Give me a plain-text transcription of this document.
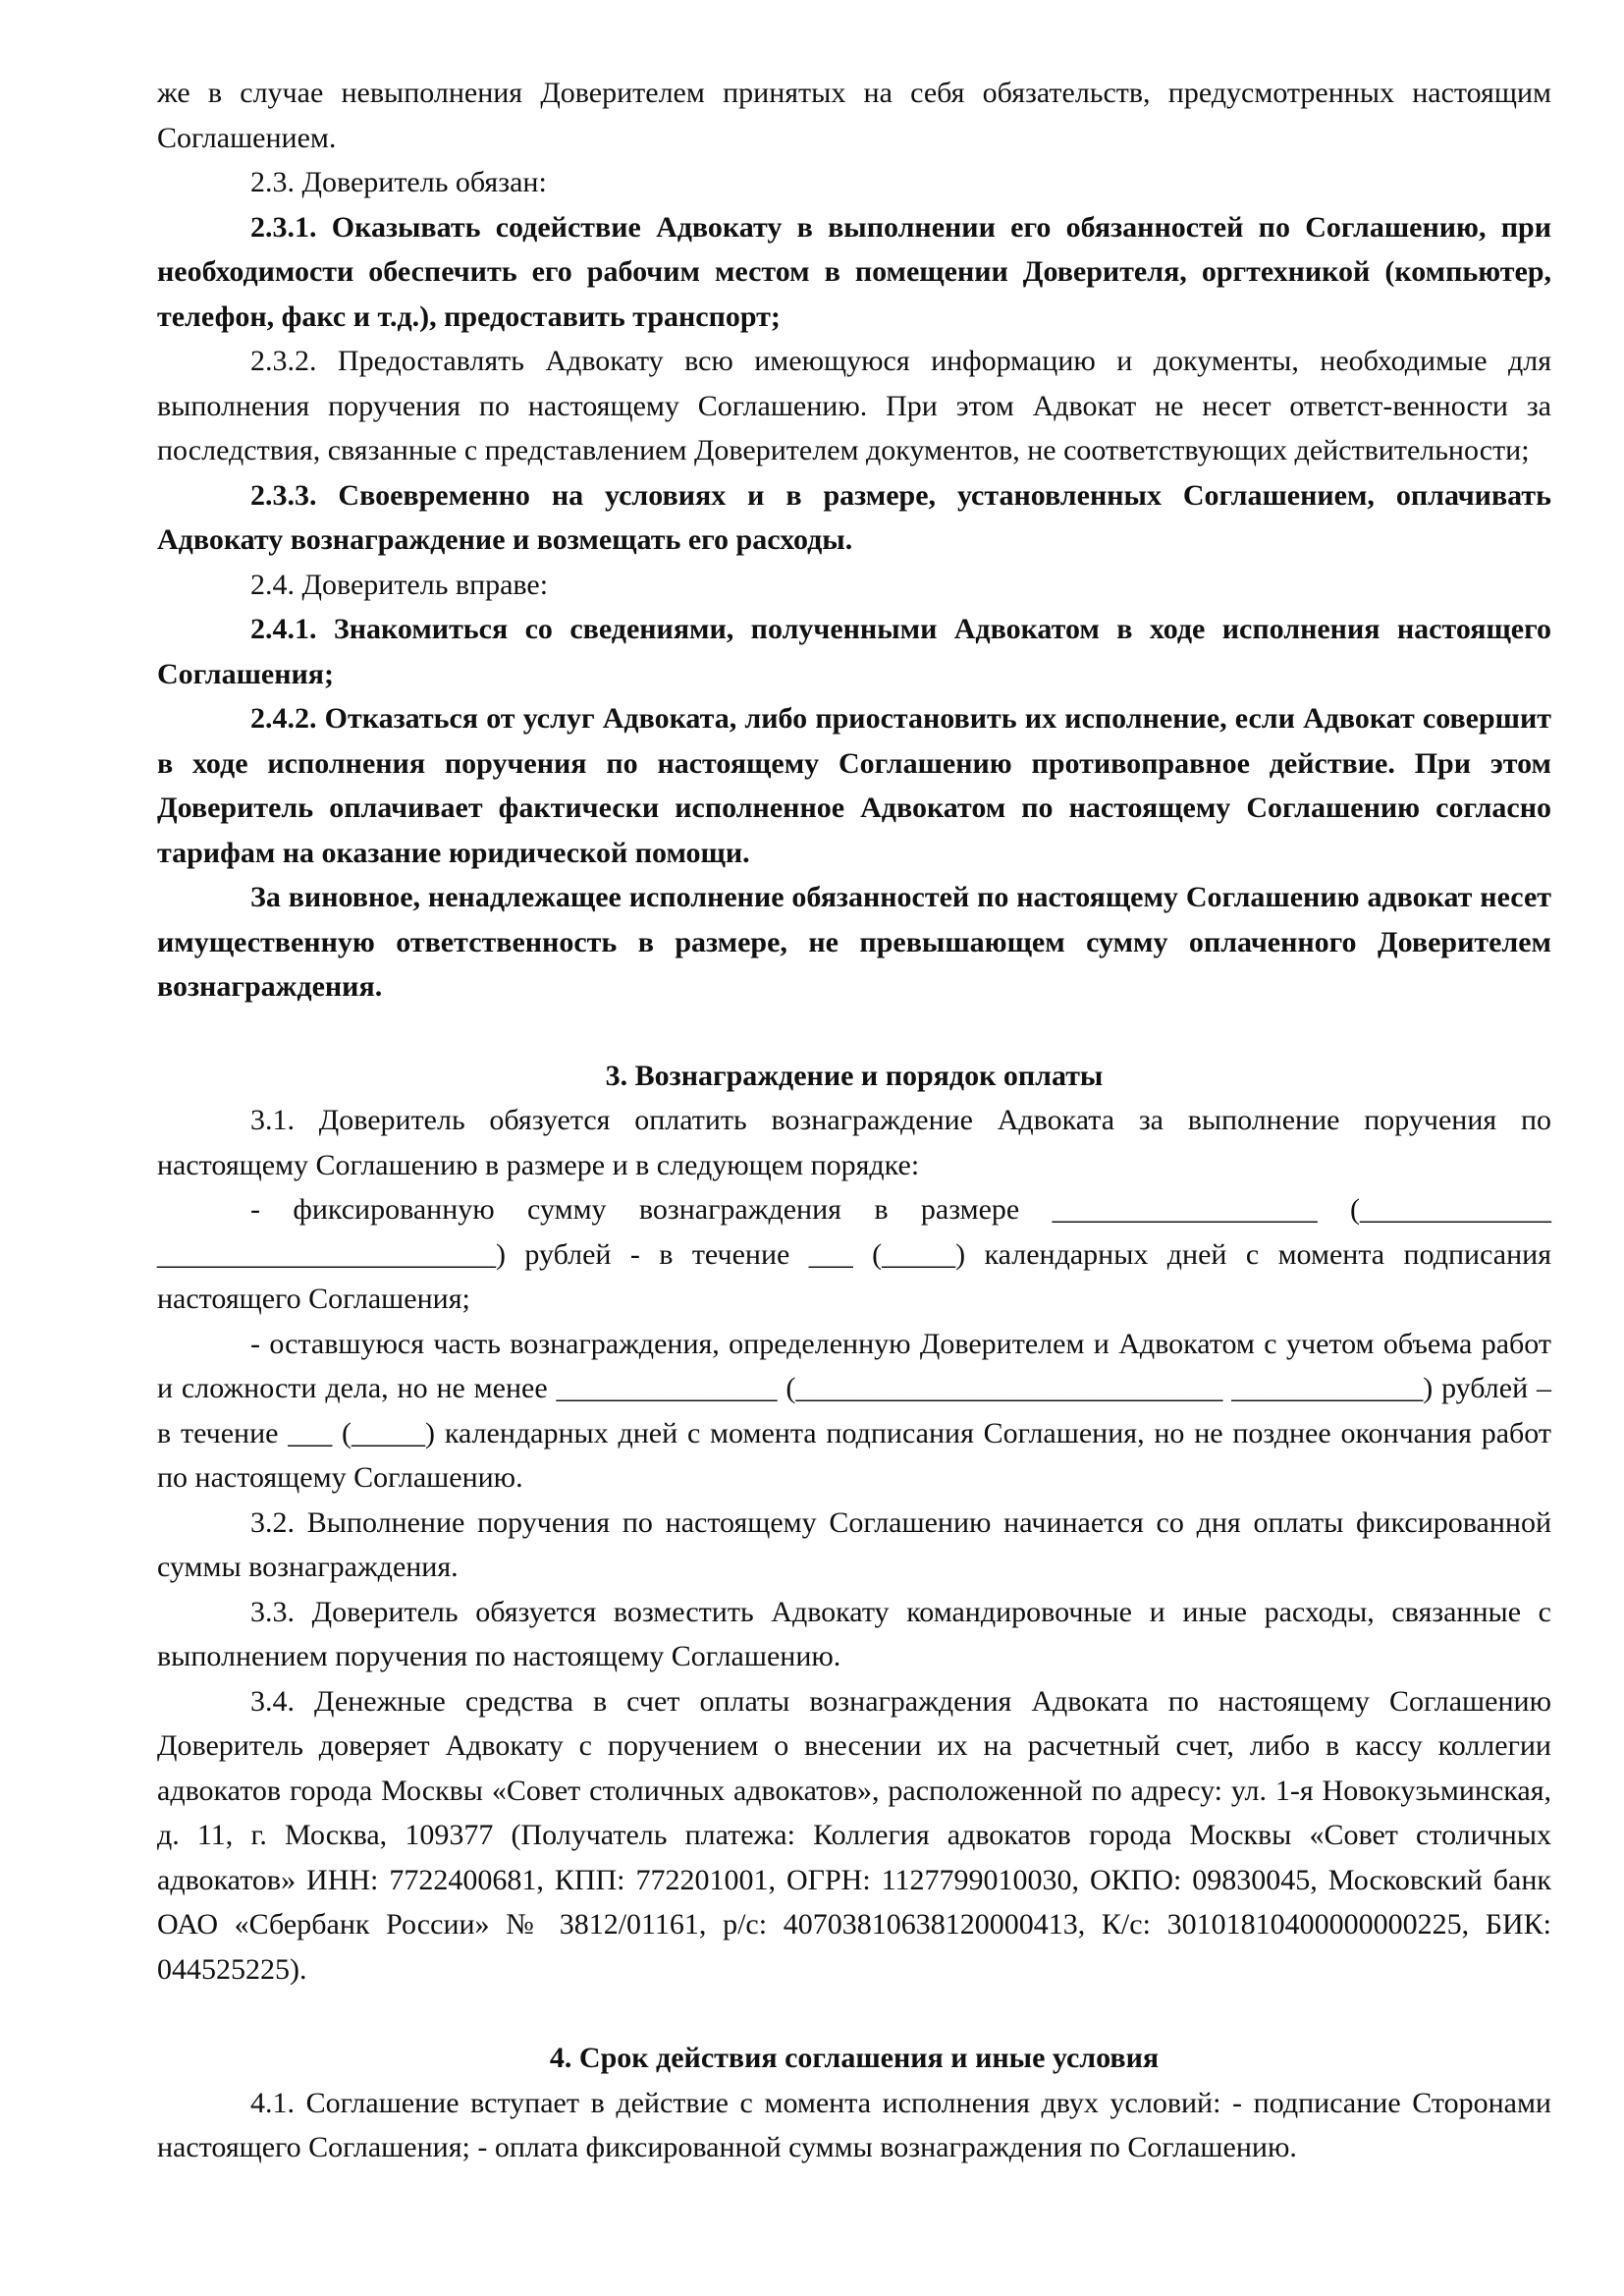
же в случае невыполнения Доверителем принятых на себя обязательств, предусмотренных настоящим Соглашением.

2.3. Доверитель обязан:

2.3.1. Оказывать содействие Адвокату в выполнении его обязанностей по Соглашению, при необходимости обеспечить его рабочим местом в помещении Доверителя, оргтехникой (компьютер, телефон, факс и т.д.), предоставить транспорт;

2.3.2. Предоставлять Адвокату всю имеющуюся информацию и документы, необходимые для выполнения поручения по настоящему Соглашению. При этом Адвокат не несет ответст-венности за последствия, связанные с представлением Доверителем документов, не соответствующих действительности;

2.3.3. Своевременно на условиях и в размере, установленных Соглашением, оплачивать Адвокату вознаграждение и возмещать его расходы.

2.4. Доверитель вправе:

2.4.1. Знакомиться со сведениями, полученными Адвокатом в ходе исполнения настоящего Соглашения;

2.4.2. Отказаться от услуг Адвоката, либо приостановить их исполнение, если Адвокат совершит в ходе исполнения поручения по настоящему Соглашению противоправное действие. При этом Доверитель оплачивает фактически исполненное Адвокатом по настоящему Соглашению согласно тарифам на оказание юридической помощи.

За виновное, ненадлежащее исполнение обязанностей по настоящему Соглашению адвокат несет имущественную ответственность в размере, не превышающем сумму оплаченного Доверителем вознаграждения.

3. Вознаграждение и порядок оплаты

3.1. Доверитель обязуется оплатить вознаграждение Адвоката за выполнение поручения по настоящему Соглашению в размере и в следующем порядке:

- фиксированную сумму вознаграждения в размере __________________ (_____________ _______________________) рублей - в течение ___ (_____) календарных дней с момента подписания настоящего Соглашения;

- оставшуюся часть вознаграждения, определенную Доверителем и Адвокатом с учетом объема работ и сложности дела, но не менее _______________ (_____________________________ _____________) рублей – в течение ___ (_____) календарных дней с момента подписания Соглашения, но не позднее окончания работ по настоящему Соглашению.

3.2. Выполнение поручения по настоящему Соглашению начинается со дня оплаты фиксированной суммы вознаграждения.

3.3. Доверитель обязуется возместить Адвокату командировочные и иные расходы, связанные с выполнением поручения по настоящему Соглашению.

3.4. Денежные средства в счет оплаты вознаграждения Адвоката по настоящему Соглашению Доверитель доверяет Адвокату с поручением о внесении их на расчетный счет, либо в кассу коллегии адвокатов города Москвы «Совет столичных адвокатов», расположенной по адресу: ул. 1-я Новокузьминская, д. 11, г. Москва, 109377 (Получатель платежа: Коллегия адвокатов города Москвы «Совет столичных адвокатов» ИНН: 7722400681, КПП: 772201001, ОГРН: 1127799010030, ОКПО: 09830045, Московский банк ОАО «Сбербанк России» № 3812/01161, р/с: 40703810638120000413, К/с: 30101810400000000225, БИК: 044525225).

4. Срок действия соглашения и иные условия

4.1. Соглашение вступает в действие с момента исполнения двух условий: - подписание Сторонами настоящего Соглашения; - оплата фиксированной суммы вознаграждения по Соглашению.
